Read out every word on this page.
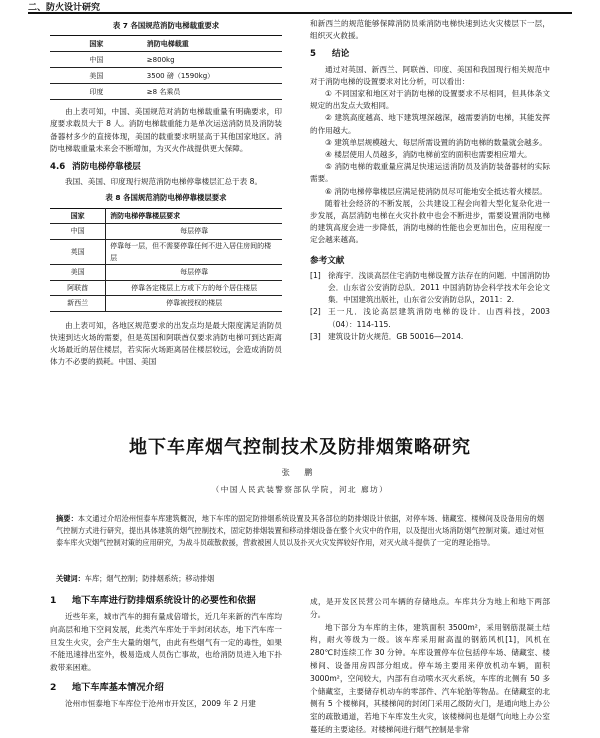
二、防火设计研究
表 7 各国规范消防电梯载重要求
国家	消防电梯载重
中国	≥800kg
美国	3500 磅（1590kg）
印度	≥8 名乘员

由上表可知，中国、美国规范对消防电梯载重量有明确要求，印度要求载员大于 8 人。消防电梯载重能力是单次运送消防员及消防装备器材多少的直接体现，美国的载重要求明显高于其他国家地区。消防电梯载重量未来会不断增加，为灭火作战提供更大保障。

4.6 消防电梯停靠楼层

我国、美国、印度现行规范消防电梯停靠楼层汇总于表 8。

表 8 各国规范消防电梯停靠楼层要求
国家	消防电梯停靠楼层要求
中国	每层停靠
英国	停靠每一层，但不需要停靠任何不进入居住房间的楼层
美国	每层停靠
阿联酋	停靠各定楼层上方或下方的每个居住楼层
新西兰	停靠被授权的楼层

由上表可知，各地区规范要求的出发点均是最大限度满足消防员快速到达火场的需要，但是英国和阿联酋仅要求消防电梯可到达距离火场最近的居住楼层，若实际火场距离居住楼层较远，会造成消防员体力不必要的损耗。中国、美国

和新西兰的规范能够保障消防员乘消防电梯快速到达火灾楼层下一层，组织灭火救援。

5 结论

通过对英国、新西兰、阿联酋、印度、美国和我国现行相关规范中对于消防电梯的设置要求对比分析，可以看出：

① 不同国家和地区对于消防电梯的设置要求不尽相同，但具体条文规定的出发点大致相同。

② 建筑高度越高、地下建筑埋深越深，越需要消防电梯，其能发挥的作用越大。

③ 建筑单层规模越大、每层所需设置的消防电梯的数量就会越多。

④ 楼层使用人员越多，消防电梯前室的面积也需要相应增大。

⑤ 消防电梯的载重量应满足快速运送消防员及消防装备器材的实际需要。

⑥ 消防电梯停靠楼层应满足使消防员尽可能地安全抵达着火楼层。

随着社会经济的不断发展，公共建设工程会向着大型化复杂化进一步发展，高层消防电梯在火灾扑救中也会不断进步，需要设置消防电梯的建筑高度会进一步降低，消防电梯的性能也会更加出色，应用程度一定会越来越高。

参考文献

[1] 徐海宇．浅谈高层住宅消防电梯设置方法存在的问题．中国消防协会．山东省公安消防总队．2011 中国消防协会科学技术年会论文集．中国建筑出版社，山东省公安消防总队，2011：2.

[2] 王一凡．浅论高层建筑消防电梯的设计．山西科技，2003（04）：114-115.

[3] 建筑设计防火规范．GB 50016—2014.

地下车库烟气控制技术及防排烟策略研究
张 鹏
（中国人民武装警察部队学院，河北 廊坊）
摘要：本文通过介绍沧州恒泰车库建筑概况，地下车库的固定防排烟系统设置及其各部位的防排烟设计依据，对停车场、储藏室、楼梯间及设备用房的烟气控制方式进行研究，提出具体建筑的烟气控制技术，固定防排烟装置和移动排烟设备在整个火灾中的作用，以及提出火场消防烟气控制对策。通过对恒泰车库火灾烟气控制对策的应用研究，为战斗员疏散救援，营救被困人员以及扑灭火灾发挥较好作用，对灭火战斗提供了一定的理论指导。
关键词：车库；烟气控制；防排烟系统；移动排烟
1 地下车库进行防排烟系统设计的必要性和依据

近些年来，城市汽车的拥有量成倍增长，近几年来新的汽车库均向高层和地下空间发展，此类汽车库处于半封闭状态，地下汽车库一旦发生火灾，会产生大量的烟气，由此有些烟气有一定的毒性，如果不能迅速排出室外，极易造成人员伤亡事故，也给消防员进入地下扑救带来困难。

2 地下车库基本情况介绍

沧州市恒泰地下车库位于沧州市开发区，2009 年 2 月建

成，是开发区民营公司车辆的存储地点。车库共分为地上和地下两部分。

地下部分为车库的主体，建筑面积 3500m²，采用钢筋混凝土结构，耐火等级为一级。该车库采用耐高温的钢筋风机[1]，风机在 280℃时连续工作 30 分钟。车库设置停车位包括停车场、储藏室、楼梯间、设备用房四部分组成。停车场主要用来停放机动车辆，面积 3000m²，空间较大，内部有自动喷水灭火系统，车库的北侧有 50 多个储藏室，主要储存机动车的零部件、汽车轮胎等物品。在储藏室的北侧有 5 个楼梯间，其楼梯间的封闭门采用乙级防火门，是通向地上办公室的疏散通道，若地下车库发生火灾，该楼梯间也是烟气向地上办公室蔓延的主要途径。对楼梯间进行烟气控制是非常
